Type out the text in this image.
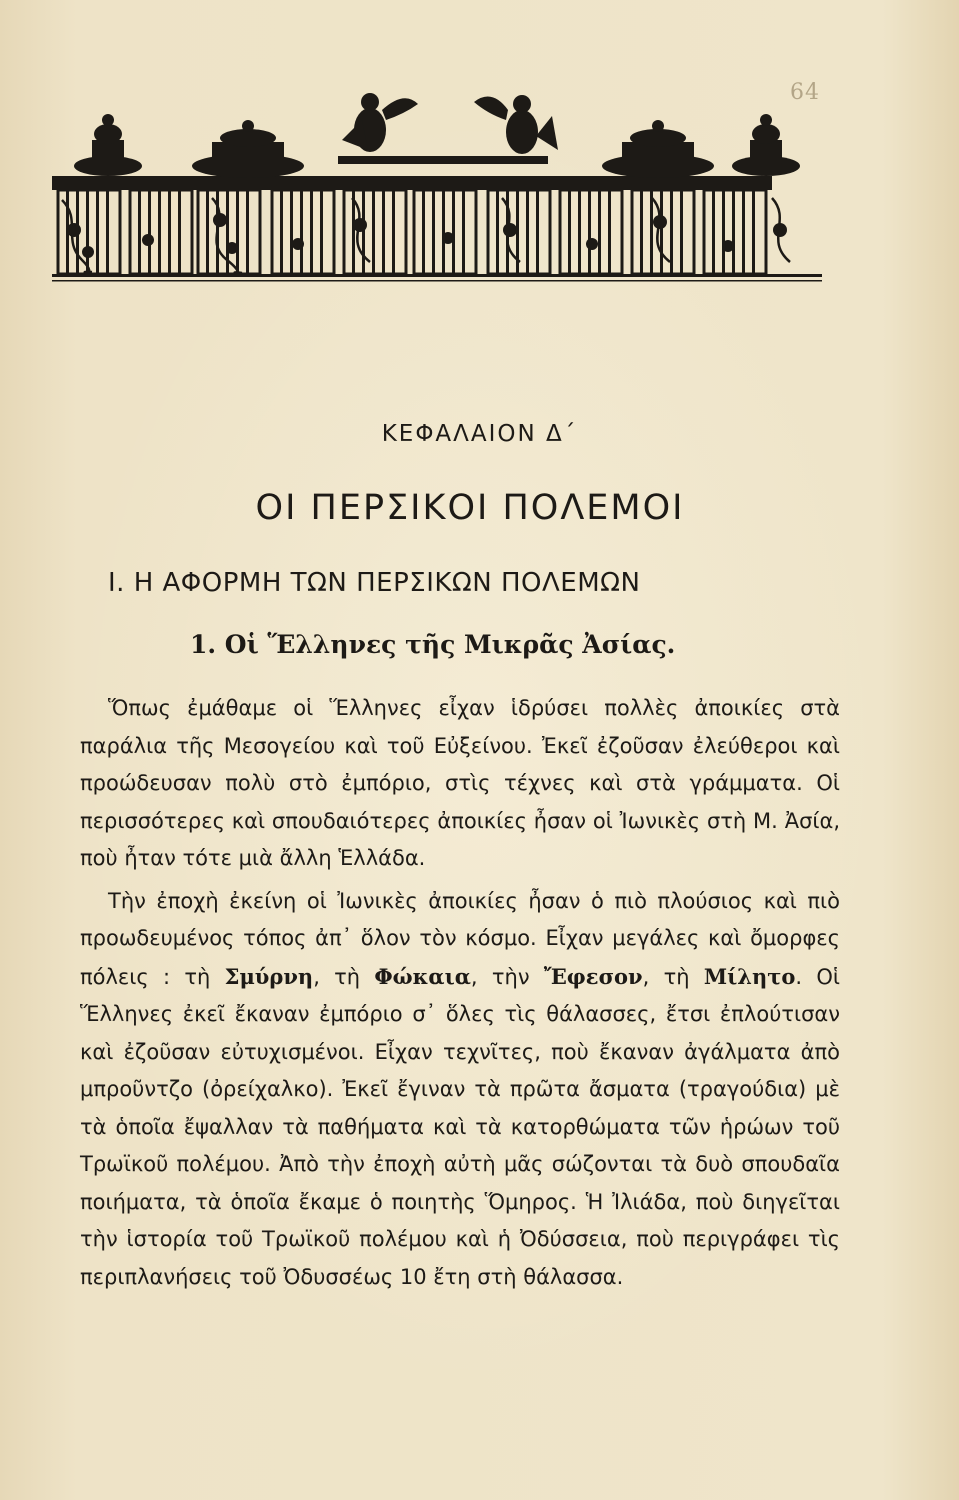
64
ΚΕΦΑΛΑΙΟΝ Δ΄
ΟΙ ΠΕΡΣΙΚΟΙ ΠΟΛΕΜΟΙ
Ι. Η ΑΦΟΡΜΗ ΤΩΝ ΠΕΡΣΙΚΩΝ ΠΟΛΕΜΩΝ
1. Οἱ Ἕλληνες τῆς Μικρᾶς Ἀσίας.

Ὅπως ἐμάθαμε οἱ Ἕλληνες εἶχαν ἱδρύσει πολλὲς ἀποικίες στὰ παράλια τῆς Μεσογείου καὶ τοῦ Εὐξείνου. Ἐκεῖ ἐζοῦσαν ἐλεύθεροι καὶ προώδευσαν πολὺ στὸ ἐμπόριο, στὶς τέχνες καὶ στὰ γράμματα. Οἱ περισσότερες καὶ σπουδαιότερες ἀποικίες ἦσαν οἱ Ἰωνικὲς στὴ Μ. Ἀσία, ποὺ ἦταν τότε μιὰ ἄλλη Ἑλλάδα.

Τὴν ἐποχὴ ἐκείνη οἱ Ἰωνικὲς ἀποικίες ἦσαν ὁ πιὸ πλούσιος καὶ πιὸ προωδευμένος τόπος ἀπ᾽ ὅλον τὸν κόσμο. Εἶχαν μεγάλες καὶ ὄμορφες πόλεις : τὴ Σμύρνη, τὴ Φώκαια, τὴν Ἔφεσον, τὴ Μίλητο. Οἱ Ἕλληνες ἐκεῖ ἔκαναν ἐμπόριο σ᾽ ὅλες τὶς θάλασσες, ἔτσι ἐπλούτισαν καὶ ἐζοῦσαν εὐτυχισμένοι. Εἶχαν τεχνῖτες, ποὺ ἔκαναν ἀγάλματα ἀπὸ μπροῦντζο (ὀρείχαλκο). Ἐκεῖ ἔγιναν τὰ πρῶτα ἄσματα (τραγούδια) μὲ τὰ ὁποῖα ἔψαλλαν τὰ παθήματα καὶ τὰ κατορθώματα τῶν ἡρώων τοῦ Τρωϊκοῦ πολέμου. Ἀπὸ τὴν ἐποχὴ αὐτὴ μᾶς σώζονται τὰ δυὸ σπουδαῖα ποιήματα, τὰ ὁποῖα ἔκαμε ὁ ποιητὴς Ὅμηρος. Ἡ Ἰλιάδα, ποὺ διηγεῖται τὴν ἱστορία τοῦ Τρωϊκοῦ πολέμου καὶ ἡ Ὀδύσσεια, ποὺ περιγράφει τὶς περιπλανήσεις τοῦ Ὀδυσσέως 10 ἔτη στὴ θάλασσα.
